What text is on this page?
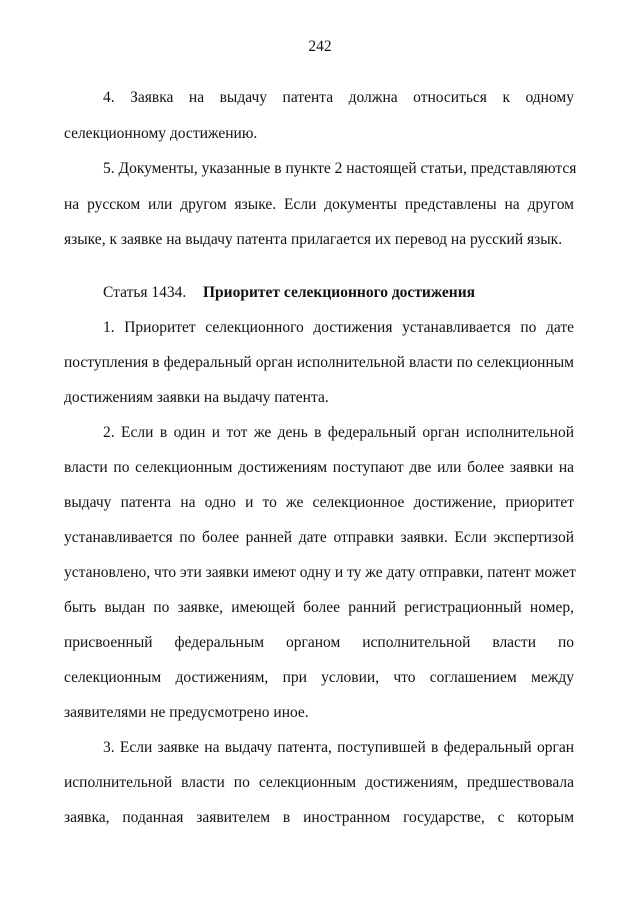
242
4. Заявка на выдачу патента должна относиться к одному
селекционному достижению.
5. Документы, указанные в пункте 2 настоящей статьи, представляются
на русском или другом языке. Если документы представлены на другом
языке, к заявке на выдачу патента прилагается их перевод на русский язык.
Статья 1434. Приоритет селекционного достижения
1. Приоритет селекционного достижения устанавливается по дате
поступления в федеральный орган исполнительной власти по селекционным
достижениям заявки на выдачу патента.
2. Если в один и тот же день в федеральный орган исполнительной
власти по селекционным достижениям поступают две или более заявки на
выдачу патента на одно и то же селекционное достижение, приоритет
устанавливается по более ранней дате отправки заявки. Если экспертизой
установлено, что эти заявки имеют одну и ту же дату отправки, патент может
быть выдан по заявке, имеющей более ранний регистрационный номер,
присвоенный федеральным органом исполнительной власти по
селекционным достижениям, при условии, что соглашением между
заявителями не предусмотрено иное.
3. Если заявке на выдачу патента, поступившей в федеральный орган
исполнительной власти по селекционным достижениям, предшествовала
заявка, поданная заявителем в иностранном государстве, с которым
